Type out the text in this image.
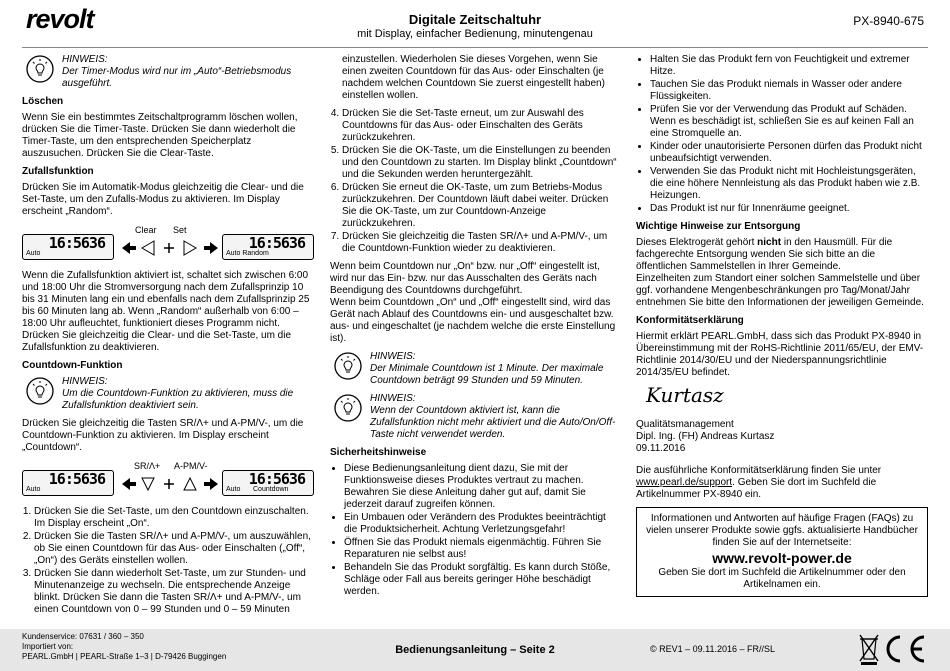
revolt	Digitale Zeitschaltuhr
mit Display, einfacher Bedienung, minutengenau
PX-8940-675
HINWEIS:
Der Timer-Modus wird nur im „Auto“-Betriebsmodus ausgeführt.
Löschen

Wenn Sie ein bestimmtes Zeitschaltprogramm löschen wollen, drücken Sie die Timer-Taste. Drücken Sie dann wiederholt die Timer-Taste, um den entsprechenden Speicherplatz auszusuchen. Drücken Sie die Clear-Taste.

Zufallsfunktion

Drücken Sie im Automatik-Modus gleichzeitig die Clear- und die Set-Taste, um den Zufalls-Modus zu aktivieren. Im Display erscheint „Random“.

16:5636
Auto
Clear Set
16:5636
Auto Random

Wenn die Zufallsfunktion aktiviert ist, schaltet sich zwischen 6:00 und 18:00 Uhr die Stromversorgung nach dem Zufallsprinzip 10 bis 31 Minuten lang ein und ebenfalls nach dem Zufallsprinzip 25 bis 60 Minuten lang ab. Wenn „Random“ außerhalb von 6:00 – 18:00 Uhr aufleuchtet, funktioniert dieses Programm nicht. Drücken Sie gleichzeitig die Clear- und die Set-Taste, um die Zufallsfunktion zu deaktivieren.

Countdown-Funktion
HINWEIS:
Um die Countdown-Funktion zu aktivieren, muss die Zufallsfunktion deaktiviert sein.

Drücken Sie gleichzeitig die Tasten SR/Λ+ und A-PM/V-, um die Countdown-Funktion zu aktivieren. Im Display erscheint „Countdown“.

16:5636
Auto
SR/Λ+ A-PM/V-
16:5636
Auto Countdown
1. Drücken Sie die Set-Taste, um den Countdown einzuschalten. Im Display erscheint „On“.
2. Drücken Sie die Tasten SR/Λ+ und A-PM/V-, um auszuwählen, ob Sie einen Countdown für das Aus- oder Einschalten („Off“, „On“) des Geräts einstellen wollen.
3. Drücken Sie dann wiederholt Set-Taste, um zur Stunden- und Minutenanzeige zu wechseln. Die entsprechende Anzeige blinkt. Drücken Sie dann die Tasten SR/Λ+ und A-PM/V-, um einen Countdown von 0 – 99 Stunden und 0 – 59 Minuten

einzustellen. Wiederholen Sie dieses Vorgehen, wenn Sie einen zweiten Countdown für das Aus- oder Einschalten (je nachdem welchen Countdown Sie zuerst eingestellt haben) einstellen wollen.

4. Drücken Sie die Set-Taste erneut, um zur Auswahl des Countdowns für das Aus- oder Einschalten des Geräts zurückzukehren.
5. Drücken Sie die OK-Taste, um die Einstellungen zu beenden und den Countdown zu starten. Im Display blinkt „Countdown“ und die Sekunden werden heruntergezählt.
6. Drücken Sie erneut die OK-Taste, um zum Betriebs-Modus zurückzukehren. Der Countdown läuft dabei weiter. Drücken Sie die OK-Taste, um zur Countdown-Anzeige zurückzukehren.
7. Drücken Sie gleichzeitig die Tasten SR/Λ+ und A-PM/V-, um die Countdown-Funktion wieder zu deaktivieren.

Wenn beim Countdown nur „On“ bzw. nur „Off“ eingestellt ist, wird nur das Ein- bzw. nur das Ausschalten des Geräts nach Beendigung des Countdowns durchgeführt.

Wenn beim Countdown „On“ und „Off“ eingestellt sind, wird das Gerät nach Ablauf des Countdowns ein- und ausgeschaltet bzw. aus- und eingeschaltet (je nachdem welche die erste Einstellung ist).

HINWEIS:
Der Minimale Countdown ist 1 Minute. Der maximale Countdown beträgt 99 Stunden und 59 Minuten.
HINWEIS:
Wenn der Countdown aktiviert ist, kann die Zufallsfunktion nicht mehr aktiviert und die Auto/On/Off-Taste nicht verwendet werden.
Sicherheitshinweise
• Diese Bedienungsanleitung dient dazu, Sie mit der Funktionsweise dieses Produktes vertraut zu machen. Bewahren Sie diese Anleitung daher gut auf, damit Sie jederzeit darauf zugreifen können.
• Ein Umbauen oder Verändern des Produktes beeinträchtigt die Produktsicherheit. Achtung Verletzungsgefahr!
• Öffnen Sie das Produkt niemals eigenmächtig. Führen Sie Reparaturen nie selbst aus!
• Behandeln Sie das Produkt sorgfältig. Es kann durch Stöße, Schläge oder Fall aus bereits geringer Höhe beschädigt werden.
• Halten Sie das Produkt fern von Feuchtigkeit und extremer Hitze.
• Tauchen Sie das Produkt niemals in Wasser oder andere Flüssigkeiten.
• Prüfen Sie vor der Verwendung das Produkt auf Schäden. Wenn es beschädigt ist, schließen Sie es auf keinen Fall an eine Stromquelle an.
• Kinder oder unautorisierte Personen dürfen das Produkt nicht unbeaufsichtigt verwenden.
• Verwenden Sie das Produkt nicht mit Hochleistungsgeräten, die eine höhere Nennleistung als das Produkt haben wie z.B. Heizungen.
• Das Produkt ist nur für Innenräume geeignet.
Wichtige Hinweise zur Entsorgung

Dieses Elektrogerät gehört nicht in den Hausmüll. Für die fachgerechte Entsorgung wenden Sie sich bitte an die öffentlichen Sammelstellen in Ihrer Gemeinde.

Einzelheiten zum Standort einer solchen Sammelstelle und über ggf. vorhandene Mengenbeschränkungen pro Tag/Monat/Jahr entnehmen Sie bitte den Informationen der jeweiligen Gemeinde.

Konformitätserklärung

Hiermit erklärt PEARL.GmbH, dass sich das Produkt PX-8940 in Übereinstimmung mit der RoHS-Richtlinie 2011/65/EU, der EMV-Richtlinie 2014/30/EU und der Niederspannungsrichtlinie 2014/35/EU befindet.

Kurtasz
Qualitätsmanagement
Dipl. Ing. (FH) Andreas Kurtasz
09.11.2016

Die ausführliche Konformitätserklärung finden Sie unter www.pearl.de/support. Geben Sie dort im Suchfeld die Artikelnummer PX-8940 ein.

Informationen und Antworten auf häufige Fragen (FAQs) zu vielen unserer Produkte sowie ggfs. aktualisierte Handbücher finden Sie auf der Internetseite:
www.revolt-power.de
Geben Sie dort im Suchfeld die Artikelnummer oder den Artikelnamen ein.
Kundenservice: 07631 / 360 – 350
Importiert von:
PEARL.GmbH | PEARL-Straße 1–3 | D-79426 Buggingen
Bedienungsanleitung – Seite 2	© REV1 – 09.11.2016 – FR//SL
